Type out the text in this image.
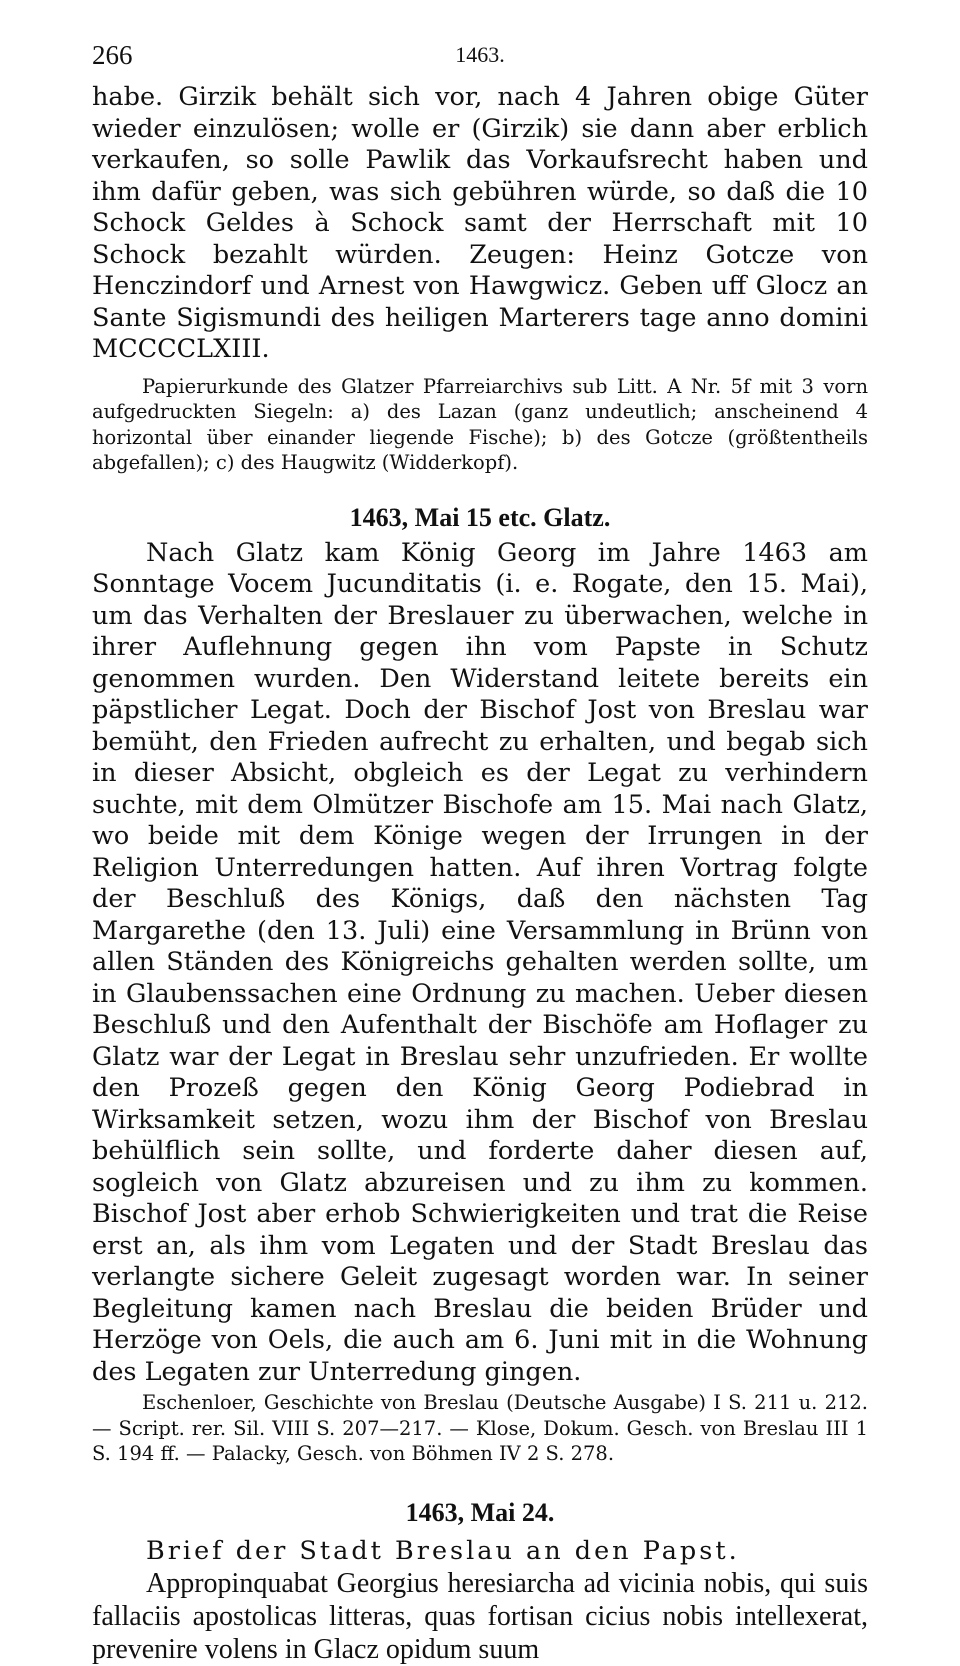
266	1463.

habe. Girzik behält sich vor, nach 4 Jahren obige Güter wieder einzulösen; wolle er (Girzik) sie dann aber erblich verkaufen, so solle Pawlik das Vorkaufsrecht haben und ihm dafür geben, was sich gebühren würde, so daß die 10 Schock Geldes à Schock samt der Herrschaft mit 10 Schock bezahlt würden. Zeugen: Heinz Gotcze von Henczindorf und Arnest von Hawgwicz. Geben uff Glocz an Sante Sigismundi des heiligen Marterers tage anno domini MCCCCLXIII.

Papierurkunde des Glatzer Pfarreiarchivs sub Litt. A Nr. 5f mit 3 vorn aufgedruckten Siegeln: a) des Lazan (ganz undeutlich; anscheinend 4 horizontal über einander liegende Fische); b) des Gotcze (größtentheils abgefallen); c) des Haugwitz (Widderkopf).

1463, Mai 15 etc. Glatz.

Nach Glatz kam König Georg im Jahre 1463 am Sonntage Vocem Jucunditatis (i. e. Rogate, den 15. Mai), um das Verhalten der Breslauer zu überwachen, welche in ihrer Auflehnung gegen ihn vom Papste in Schutz genommen wurden. Den Widerstand leitete bereits ein päpstlicher Legat. Doch der Bischof Jost von Breslau war bemüht, den Frieden aufrecht zu erhalten, und begab sich in dieser Absicht, obgleich es der Legat zu verhindern suchte, mit dem Olmützer Bischofe am 15. Mai nach Glatz, wo beide mit dem Könige wegen der Irrungen in der Religion Unterredungen hatten. Auf ihren Vortrag folgte der Beschluß des Königs, daß den nächsten Tag Margarethe (den 13. Juli) eine Versammlung in Brünn von allen Ständen des Königreichs gehalten werden sollte, um in Glaubenssachen eine Ordnung zu machen. Ueber diesen Beschluß und den Aufenthalt der Bischöfe am Hoflager zu Glatz war der Legat in Breslau sehr unzufrieden. Er wollte den Prozeß gegen den König Georg Podiebrad in Wirksamkeit setzen, wozu ihm der Bischof von Breslau behülflich sein sollte, und forderte daher diesen auf, sogleich von Glatz abzureisen und zu ihm zu kommen. Bischof Jost aber erhob Schwierigkeiten und trat die Reise erst an, als ihm vom Legaten und der Stadt Breslau das verlangte sichere Geleit zugesagt worden war. In seiner Begleitung kamen nach Breslau die beiden Brüder und Herzöge von Oels, die auch am 6. Juni mit in die Wohnung des Legaten zur Unterredung gingen.

Eschenloer, Geschichte von Breslau (Deutsche Ausgabe) I S. 211 u. 212. — Script. rer. Sil. VIII S. 207—217. — Klose, Dokum. Gesch. von Breslau III 1 S. 194 ff. — Palacky, Gesch. von Böhmen IV 2 S. 278.

1463, Mai 24.

Brief der Stadt Breslau an den Papst.

Appropinquabat Georgius heresiarcha ad vicinia nobis, qui suis fallaciis apostolicas litteras, quas fortisan cicius nobis intellexerat, prevenire volens in Glacz opidum suum
